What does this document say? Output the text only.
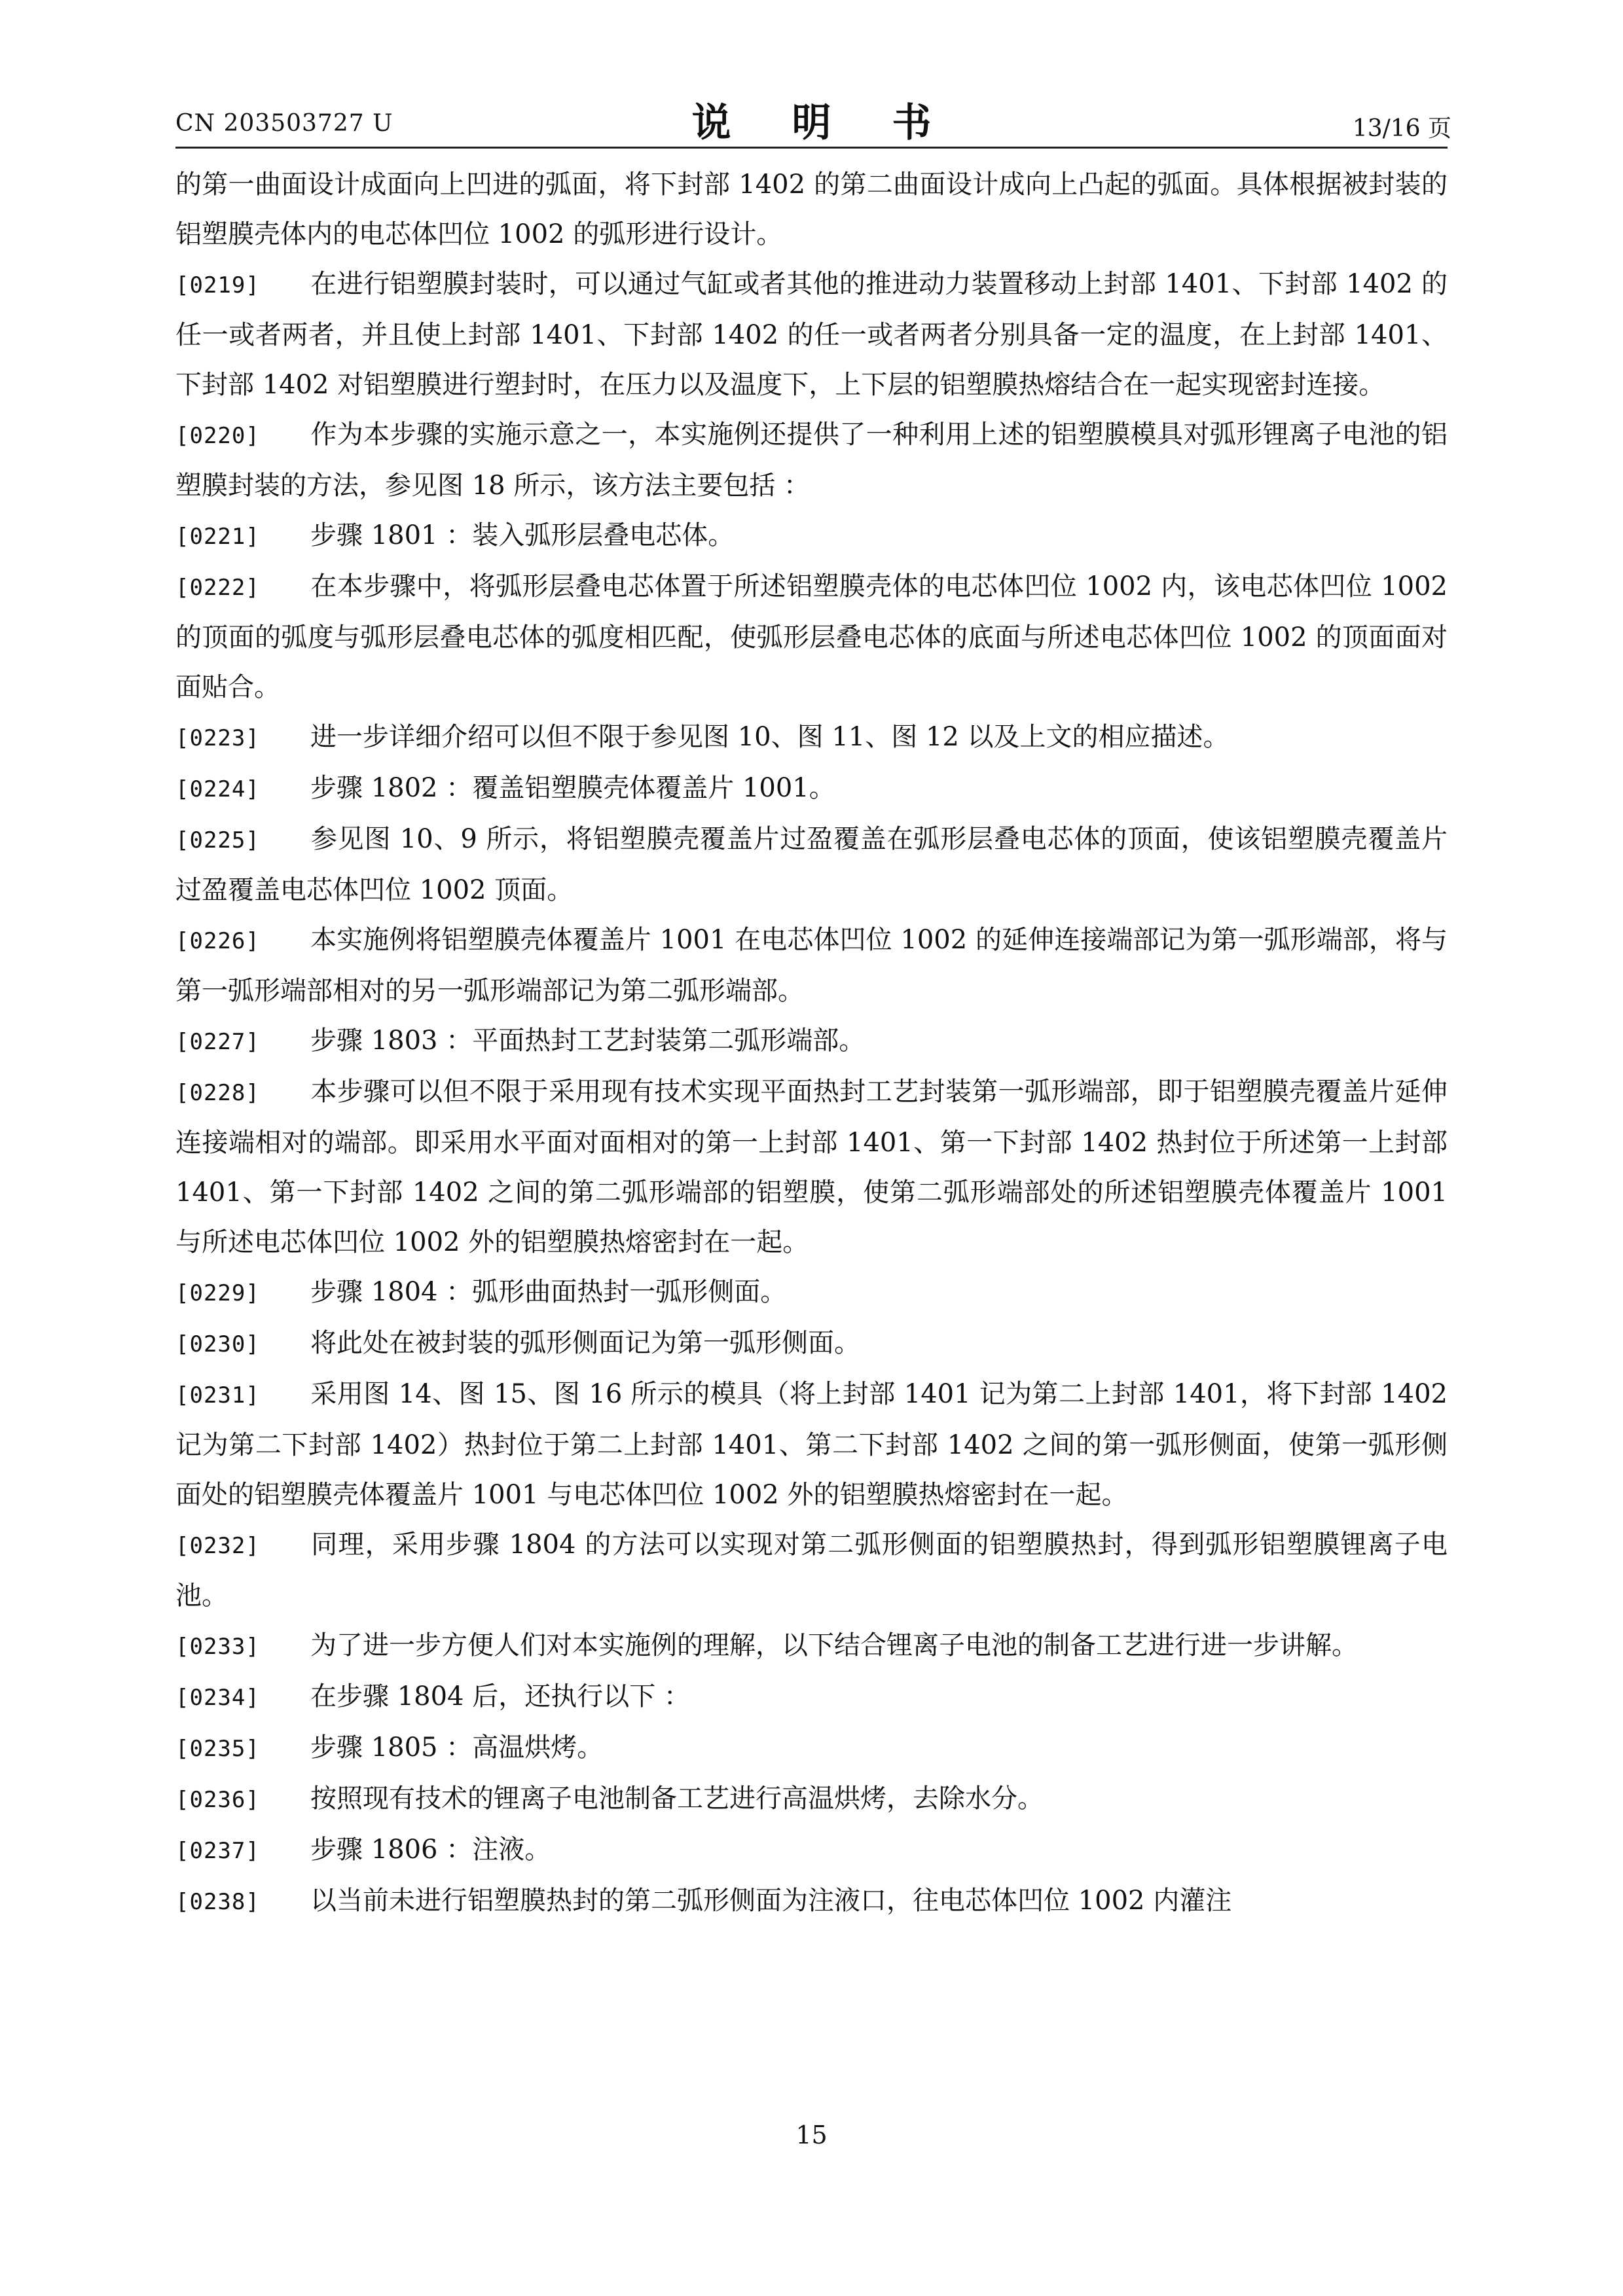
CN 203503727 U	说 明 书	13/16 页

的第一曲面设计成面向上凹进的弧面，将下封部 1402 的第二曲面设计成向上凸起的弧面。具体根据被封装的铝塑膜壳体内的电芯体凹位 1002 的弧形进行设计。

[0219] 在进行铝塑膜封装时，可以通过气缸或者其他的推进动力装置移动上封部 1401、下封部 1402 的任一或者两者，并且使上封部 1401、下封部 1402 的任一或者两者分别具备一定的温度，在上封部 1401、下封部 1402 对铝塑膜进行塑封时，在压力以及温度下，上下层的铝塑膜热熔结合在一起实现密封连接。

[0220] 作为本步骤的实施示意之一，本实施例还提供了一种利用上述的铝塑膜模具对弧形锂离子电池的铝塑膜封装的方法，参见图 18 所示，该方法主要包括 ：

[0221] 步骤 1801 ：装入弧形层叠电芯体。

[0222] 在本步骤中，将弧形层叠电芯体置于所述铝塑膜壳体的电芯体凹位 1002 内，该电芯体凹位 1002 的顶面的弧度与弧形层叠电芯体的弧度相匹配，使弧形层叠电芯体的底面与所述电芯体凹位 1002 的顶面面对面贴合。

[0223] 进一步详细介绍可以但不限于参见图 10、图 11、图 12 以及上文的相应描述。

[0224] 步骤 1802 ：覆盖铝塑膜壳体覆盖片 1001。

[0225] 参见图 10、9 所示，将铝塑膜壳覆盖片过盈覆盖在弧形层叠电芯体的顶面，使该铝塑膜壳覆盖片过盈覆盖电芯体凹位 1002 顶面。

[0226] 本实施例将铝塑膜壳体覆盖片 1001 在电芯体凹位 1002 的延伸连接端部记为第一弧形端部，将与第一弧形端部相对的另一弧形端部记为第二弧形端部。

[0227] 步骤 1803 ：平面热封工艺封装第二弧形端部。

[0228] 本步骤可以但不限于采用现有技术实现平面热封工艺封装第一弧形端部，即于铝塑膜壳覆盖片延伸连接端相对的端部。即采用水平面对面相对的第一上封部 1401、第一下封部 1402 热封位于所述第一上封部 1401、第一下封部 1402 之间的第二弧形端部的铝塑膜，使第二弧形端部处的所述铝塑膜壳体覆盖片 1001 与所述电芯体凹位 1002 外的铝塑膜热熔密封在一起。

[0229] 步骤 1804 ：弧形曲面热封一弧形侧面。

[0230] 将此处在被封装的弧形侧面记为第一弧形侧面。

[0231] 采用图 14、图 15、图 16 所示的模具（将上封部 1401 记为第二上封部 1401，将下封部 1402 记为第二下封部 1402）热封位于第二上封部 1401、第二下封部 1402 之间的第一弧形侧面，使第一弧形侧面处的铝塑膜壳体覆盖片 1001 与电芯体凹位 1002 外的铝塑膜热熔密封在一起。

[0232] 同理，采用步骤 1804 的方法可以实现对第二弧形侧面的铝塑膜热封，得到弧形铝塑膜锂离子电池。

[0233] 为了进一步方便人们对本实施例的理解，以下结合锂离子电池的制备工艺进行进一步讲解。

[0234] 在步骤 1804 后，还执行以下 ：

[0235] 步骤 1805 ：高温烘烤。

[0236] 按照现有技术的锂离子电池制备工艺进行高温烘烤，去除水分。

[0237] 步骤 1806 ：注液。

[0238] 以当前未进行铝塑膜热封的第二弧形侧面为注液口，往电芯体凹位 1002 内灌注

15
